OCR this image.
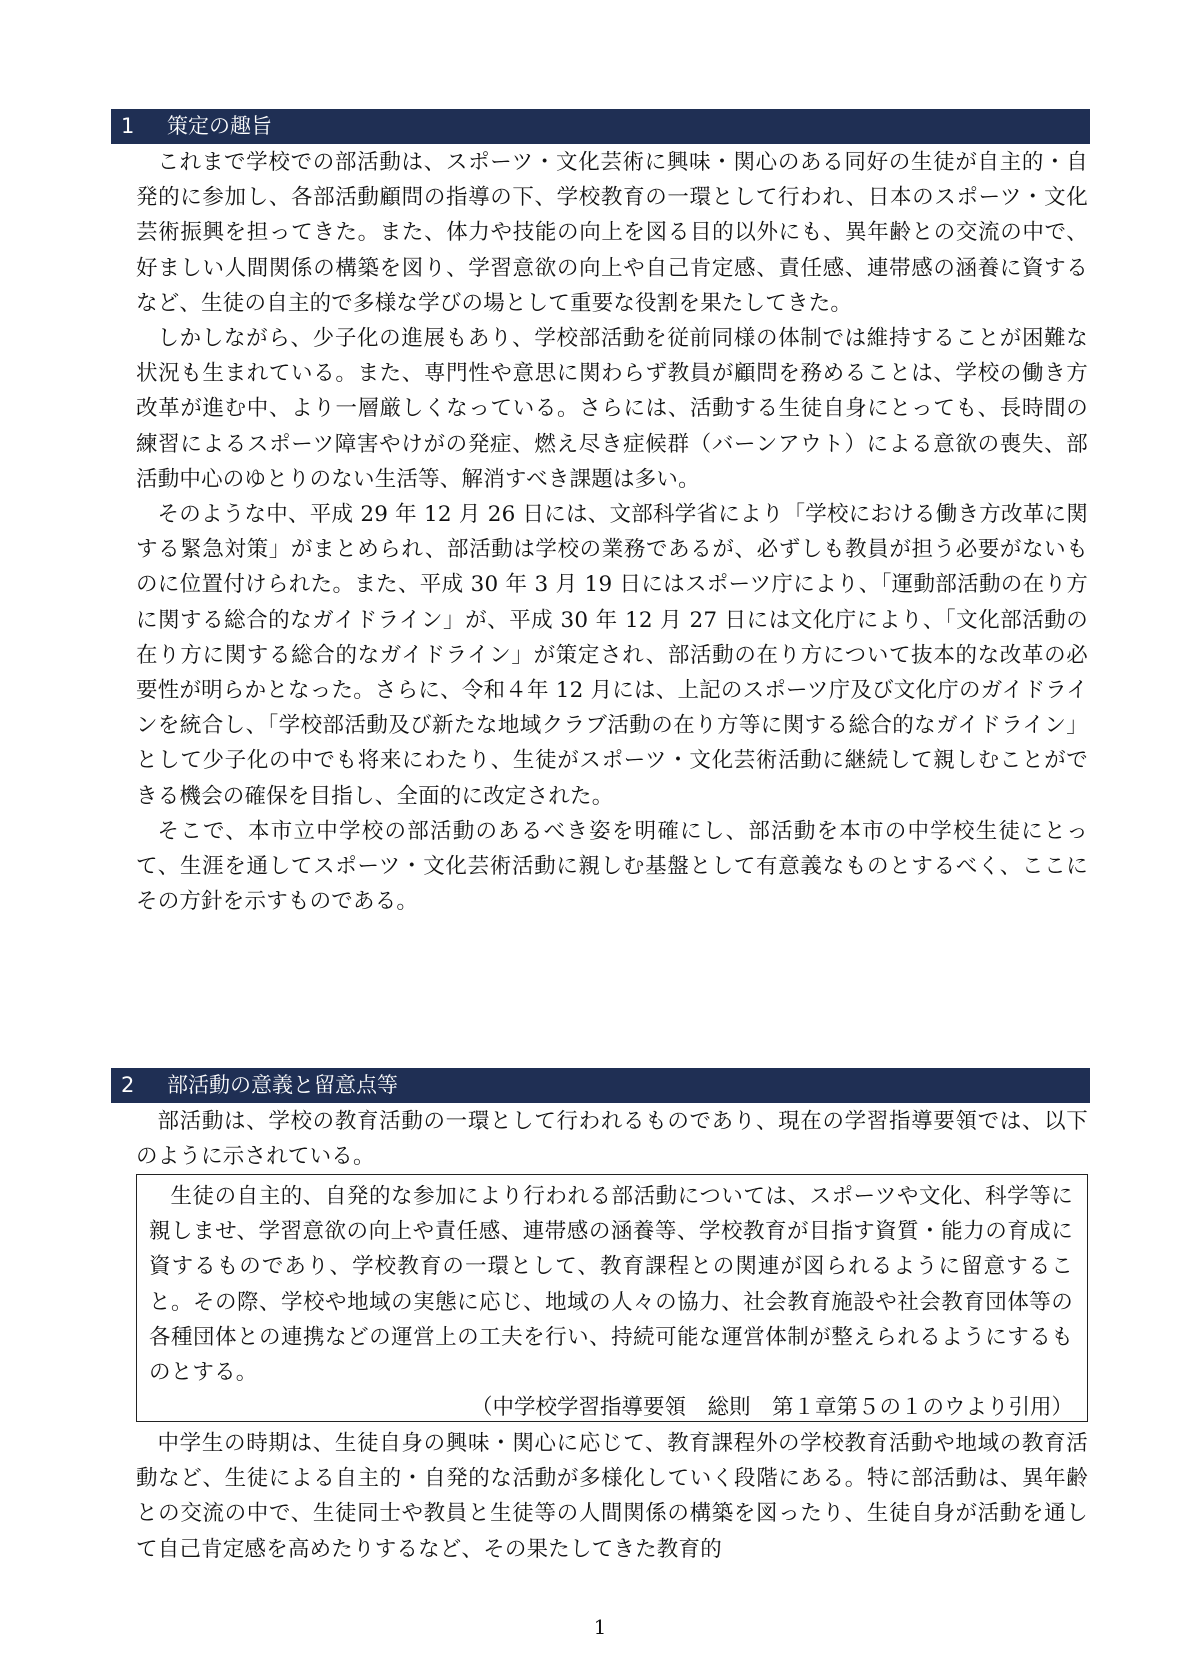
1 策定の趣旨

これまで学校での部活動は、スポーツ・文化芸術に興味・関心のある同好の生徒が自主的・自発的に参加し、各部活動顧問の指導の下、学校教育の一環として行われ、日本のスポーツ・文化芸術振興を担ってきた。また、体力や技能の向上を図る目的以外にも、異年齢との交流の中で、好ましい人間関係の構築を図り、学習意欲の向上や自己肯定感、責任感、連帯感の涵養に資するなど、生徒の自主的で多様な学びの場として重要な役割を果たしてきた。

しかしながら、少子化の進展もあり、学校部活動を従前同様の体制では維持することが困難な状況も生まれている。また、専門性や意思に関わらず教員が顧問を務めることは、学校の働き方改革が進む中、より一層厳しくなっている。さらには、活動する生徒自身にとっても、長時間の練習によるスポーツ障害やけがの発症、燃え尽き症候群（バーンアウト）による意欲の喪失、部活動中心のゆとりのない生活等、解消すべき課題は多い。

そのような中、平成 29 年 12 月 26 日には、文部科学省により「学校における働き方改革に関する緊急対策」がまとめられ、部活動は学校の業務であるが、必ずしも教員が担う必要がないものに位置付けられた。また、平成 30 年 3 月 19 日にはスポーツ庁により、「運動部活動の在り方に関する総合的なガイドライン」が、平成 30 年 12 月 27 日には文化庁により、「文化部活動の在り方に関する総合的なガイドライン」が策定され、部活動の在り方について抜本的な改革の必要性が明らかとなった。さらに、令和４年 12 月には、上記のスポーツ庁及び文化庁のガイドラインを統合し、「学校部活動及び新たな地域クラブ活動の在り方等に関する総合的なガイドライン」として少子化の中でも将来にわたり、生徒がスポーツ・文化芸術活動に継続して親しむことができる機会の確保を目指し、全面的に改定された。

そこで、本市立中学校の部活動のあるべき姿を明確にし、部活動を本市の中学校生徒にとって、生涯を通してスポーツ・文化芸術活動に親しむ基盤として有意義なものとするべく、ここにその方針を示すものである。

2 部活動の意義と留意点等

部活動は、学校の教育活動の一環として行われるものであり、現在の学習指導要領では、以下のように示されている。

生徒の自主的、自発的な参加により行われる部活動については、スポーツや文化、科学等に親しませ、学習意欲の向上や責任感、連帯感の涵養等、学校教育が目指す資質・能力の育成に資するものであり、学校教育の一環として、教育課程との関連が図られるように留意すること。その際、学校や地域の実態に応じ、地域の人々の協力、社会教育施設や社会教育団体等の各種団体との連携などの運営上の工夫を行い、持続可能な運営体制が整えられるようにするものとする。

（中学校学習指導要領　総則　第１章第５の１のウより引用）

中学生の時期は、生徒自身の興味・関心に応じて、教育課程外の学校教育活動や地域の教育活動など、生徒による自主的・自発的な活動が多様化していく段階にある。特に部活動は、異年齢との交流の中で、生徒同士や教員と生徒等の人間関係の構築を図ったり、生徒自身が活動を通して自己肯定感を高めたりするなど、その果たしてきた教育的

1
